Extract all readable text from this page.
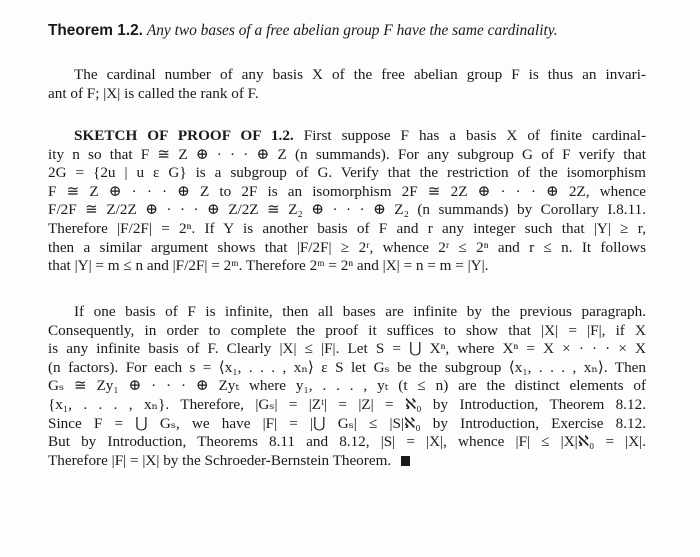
Theorem 1.2. Any two bases of a free abelian group F have the same cardinality.
The cardinal number of any basis X of the free abelian group F is thus an invari-
ant of F; |X| is called the rank of F.
SKETCH OF PROOF OF 1.2. First suppose F has a basis X of finite cardinal-
ity n so that F ≅ Z ⊕ · · · ⊕ Z (n summands). For any subgroup G of F verify that
2G = {2u | u ε G} is a subgroup of G. Verify that the restriction of the isomorphism
F ≅ Z ⊕ · · · ⊕ Z to 2F is an isomorphism 2F ≅ 2Z ⊕ · · · ⊕ 2Z, whence
F/2F ≅ Z/2Z ⊕ · · · ⊕ Z/2Z ≅ Z₂ ⊕ · · · ⊕ Z₂ (n summands) by Corollary I.8.11.
Therefore |F/2F| = 2ⁿ. If Y is another basis of F and r any integer such that |Y| ≥ r,
then a similar argument shows that |F/2F| ≥ 2ʳ, whence 2ʳ ≤ 2ⁿ and r ≤ n. It follows
that |Y| = m ≤ n and |F/2F| = 2ᵐ. Therefore 2ᵐ = 2ⁿ and |X| = n = m = |Y|.
If one basis of F is infinite, then all bases are infinite by the previous paragraph.
Consequently, in order to complete the proof it suffices to show that |X| = |F|, if X
is any infinite basis of F. Clearly |X| ≤ |F|. Let S = ⋃ Xⁿ, where Xⁿ = X × · · · × X
(n factors). For each s = ⟨x₁, . . . , xₙ⟩ ε S let Gₛ be the subgroup ⟨x₁, . . . , xₙ⟩. Then
Gₛ ≅ Zy₁ ⊕ · · · ⊕ Zyₜ where y₁, . . . , yₜ (t ≤ n) are the distinct elements of
{x₁, . . . , xₙ}. Therefore, |Gₛ| = |Zᵗ| = |Z| = ℵ₀ by Introduction, Theorem 8.12.
Since F = ⋃ Gₛ, we have |F| = |⋃ Gₛ| ≤ |S|ℵ₀ by Introduction, Exercise 8.12.
But by Introduction, Theorems 8.11 and 8.12, |S| = |X|, whence |F| ≤ |X|ℵ₀ = |X|.
Therefore |F| = |X| by the Schroeder-Bernstein Theorem.
